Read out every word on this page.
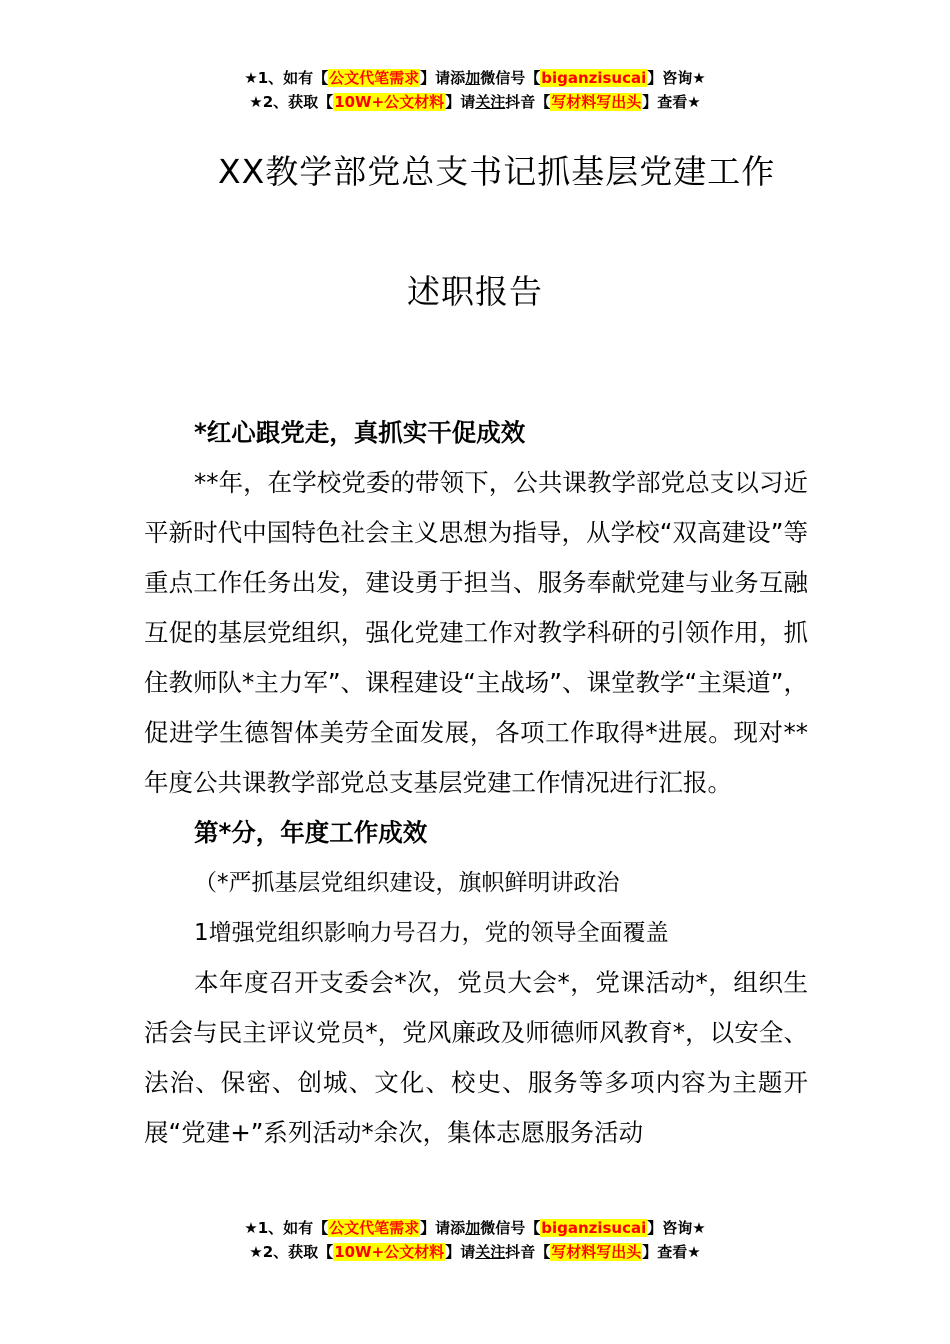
★1、如有【公文代笔需求】请添加微信号【biganzisucai】咨询★
★2、获取【10W+公文材料】请关注抖音【写材料写出头】查看★
XX教学部党总支书记抓基层党建工作
述职报告

*红心跟党走，真抓实干促成效

**年，在学校党委的带领下，公共课教学部党总支以习近平新时代中国特色社会主义思想为指导，从学校“双高建设”等重点工作任务出发，建设勇于担当、服务奉献党建与业务互融互促的基层党组织，强化党建工作对教学科研的引领作用，抓住教师队*主力军”、课程建设“主战场”、课堂教学“主渠道”，促进学生德智体美劳全面发展，各项工作取得*进展。现对**年度公共课教学部党总支基层党建工作情况进行汇报。

第*分，年度工作成效

（*严抓基层党组织建设，旗帜鲜明讲政治

1增强党组织影响力号召力，党的领导全面覆盖

本年度召开支委会*次，党员大会*，党课活动*，组织生活会与民主评议党员*，党风廉政及师德师风教育*，以安全、法治、保密、创城、文化、校史、服务等多项内容为主题开展“党建+”系列活动*余次，集体志愿服务活动

★1、如有【公文代笔需求】请添加微信号【biganzisucai】咨询★
★2、获取【10W+公文材料】请关注抖音【写材料写出头】查看★
